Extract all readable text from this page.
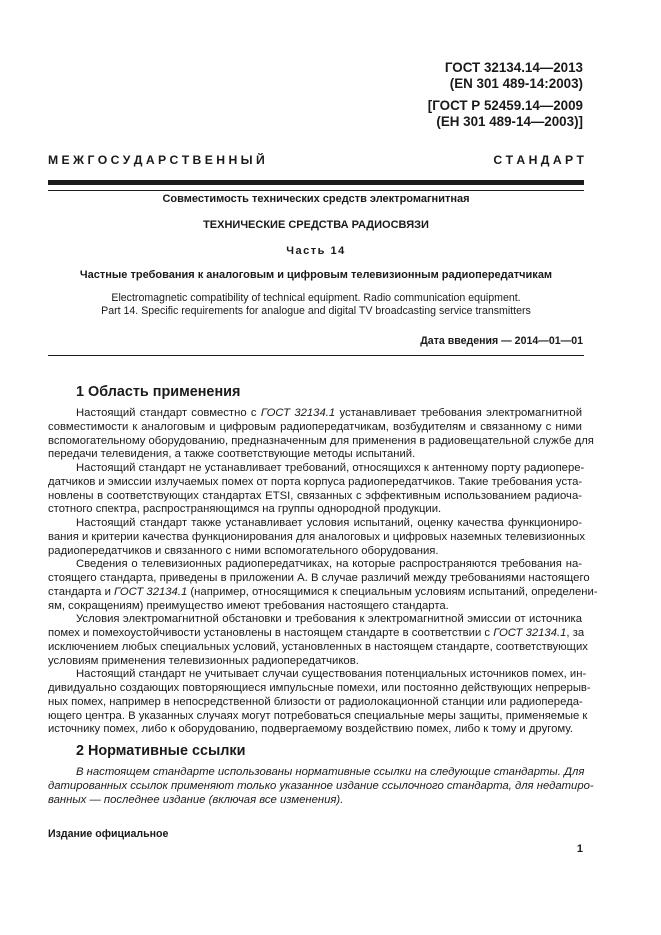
ГОСТ 32134.14—2013
(EN 301 489-14:2003)
[ГОСТ Р 52459.14—2009
(ЕН 301 489-14—2003)]
М Е Ж Г О С У Д А Р С Т В Е Н Н Ы Й	С Т А Н Д А Р Т
Совместимость технических средств электромагнитная
ТЕХНИЧЕСКИЕ СРЕДСТВА РАДИОСВЯЗИ
Часть 14
Частные требования к аналоговым и цифровым телевизионным радиопередатчикам
Electromagnetic compatibility of technical equipment. Radio communication equipment.
Part 14. Specific requirements for analogue and digital TV broadcasting service transmitters
Дата введения — 2014—01—01
1 Область применения
Настоящий стандарт совместно с ГОСТ 32134.1 устанавливает требования электромагнитной
совместимости к аналоговым и цифровым радиопередатчикам, возбудителям и связанному с ними
вспомогательному оборудованию, предназначенным для применения в радиовещательной службе для
передачи телевидения, а также соответствующие методы испытаний.
Настоящий стандарт не устанавливает требований, относящихся к антенному порту радиопере-
датчиков и эмиссии излучаемых помех от порта корпуса радиопередатчиков. Такие требования уста-
новлены в соответствующих стандартах ETSI, связанных с эффективным использованием радиоча-
стотного спектра, распространяющимся на группы однородной продукции.
Настоящий стандарт также устанавливает условия испытаний, оценку качества функциониро-
вания и критерии качества функционирования для аналоговых и цифровых наземных телевизионных
радиопередатчиков и связанного с ними вспомогательного оборудования.
Сведения о телевизионных радиопередатчиках, на которые распространяются требования на-
стоящего стандарта, приведены в приложении А. В случае различий между требованиями настоящего
стандарта и ГОСТ 32134.1 (например, относящимися к специальным условиям испытаний, определени-
ям, сокращениям) преимущество имеют требования настоящего стандарта.
Условия электромагнитной обстановки и требования к электромагнитной эмиссии от источника
помех и помехоустойчивости установлены в настоящем стандарте в соответствии с ГОСТ 32134.1, за
исключением любых специальных условий, установленных в настоящем стандарте, соответствующих
условиям применения телевизионных радиопередатчиков.
Настоящий стандарт не учитывает случаи существования потенциальных источников помех, ин-
дивидуально создающих повторяющиеся импульсные помехи, или постоянно действующих непрерыв-
ных помех, например в непосредственной близости от радиолокационной станции или радиопереда-
ющего центра. В указанных случаях могут потребоваться специальные меры защиты, применяемые к
источнику помех, либо к оборудованию, подвергаемому воздействию помех, либо к тому и другому.
2 Нормативные ссылки
В настоящем стандарте использованы нормативные ссылки на следующие стандарты. Для
датированных ссылок применяют только указанное издание ссылочного стандарта, для недатиро-
ванных — последнее издание (включая все изменения).
Издание официальное
1
